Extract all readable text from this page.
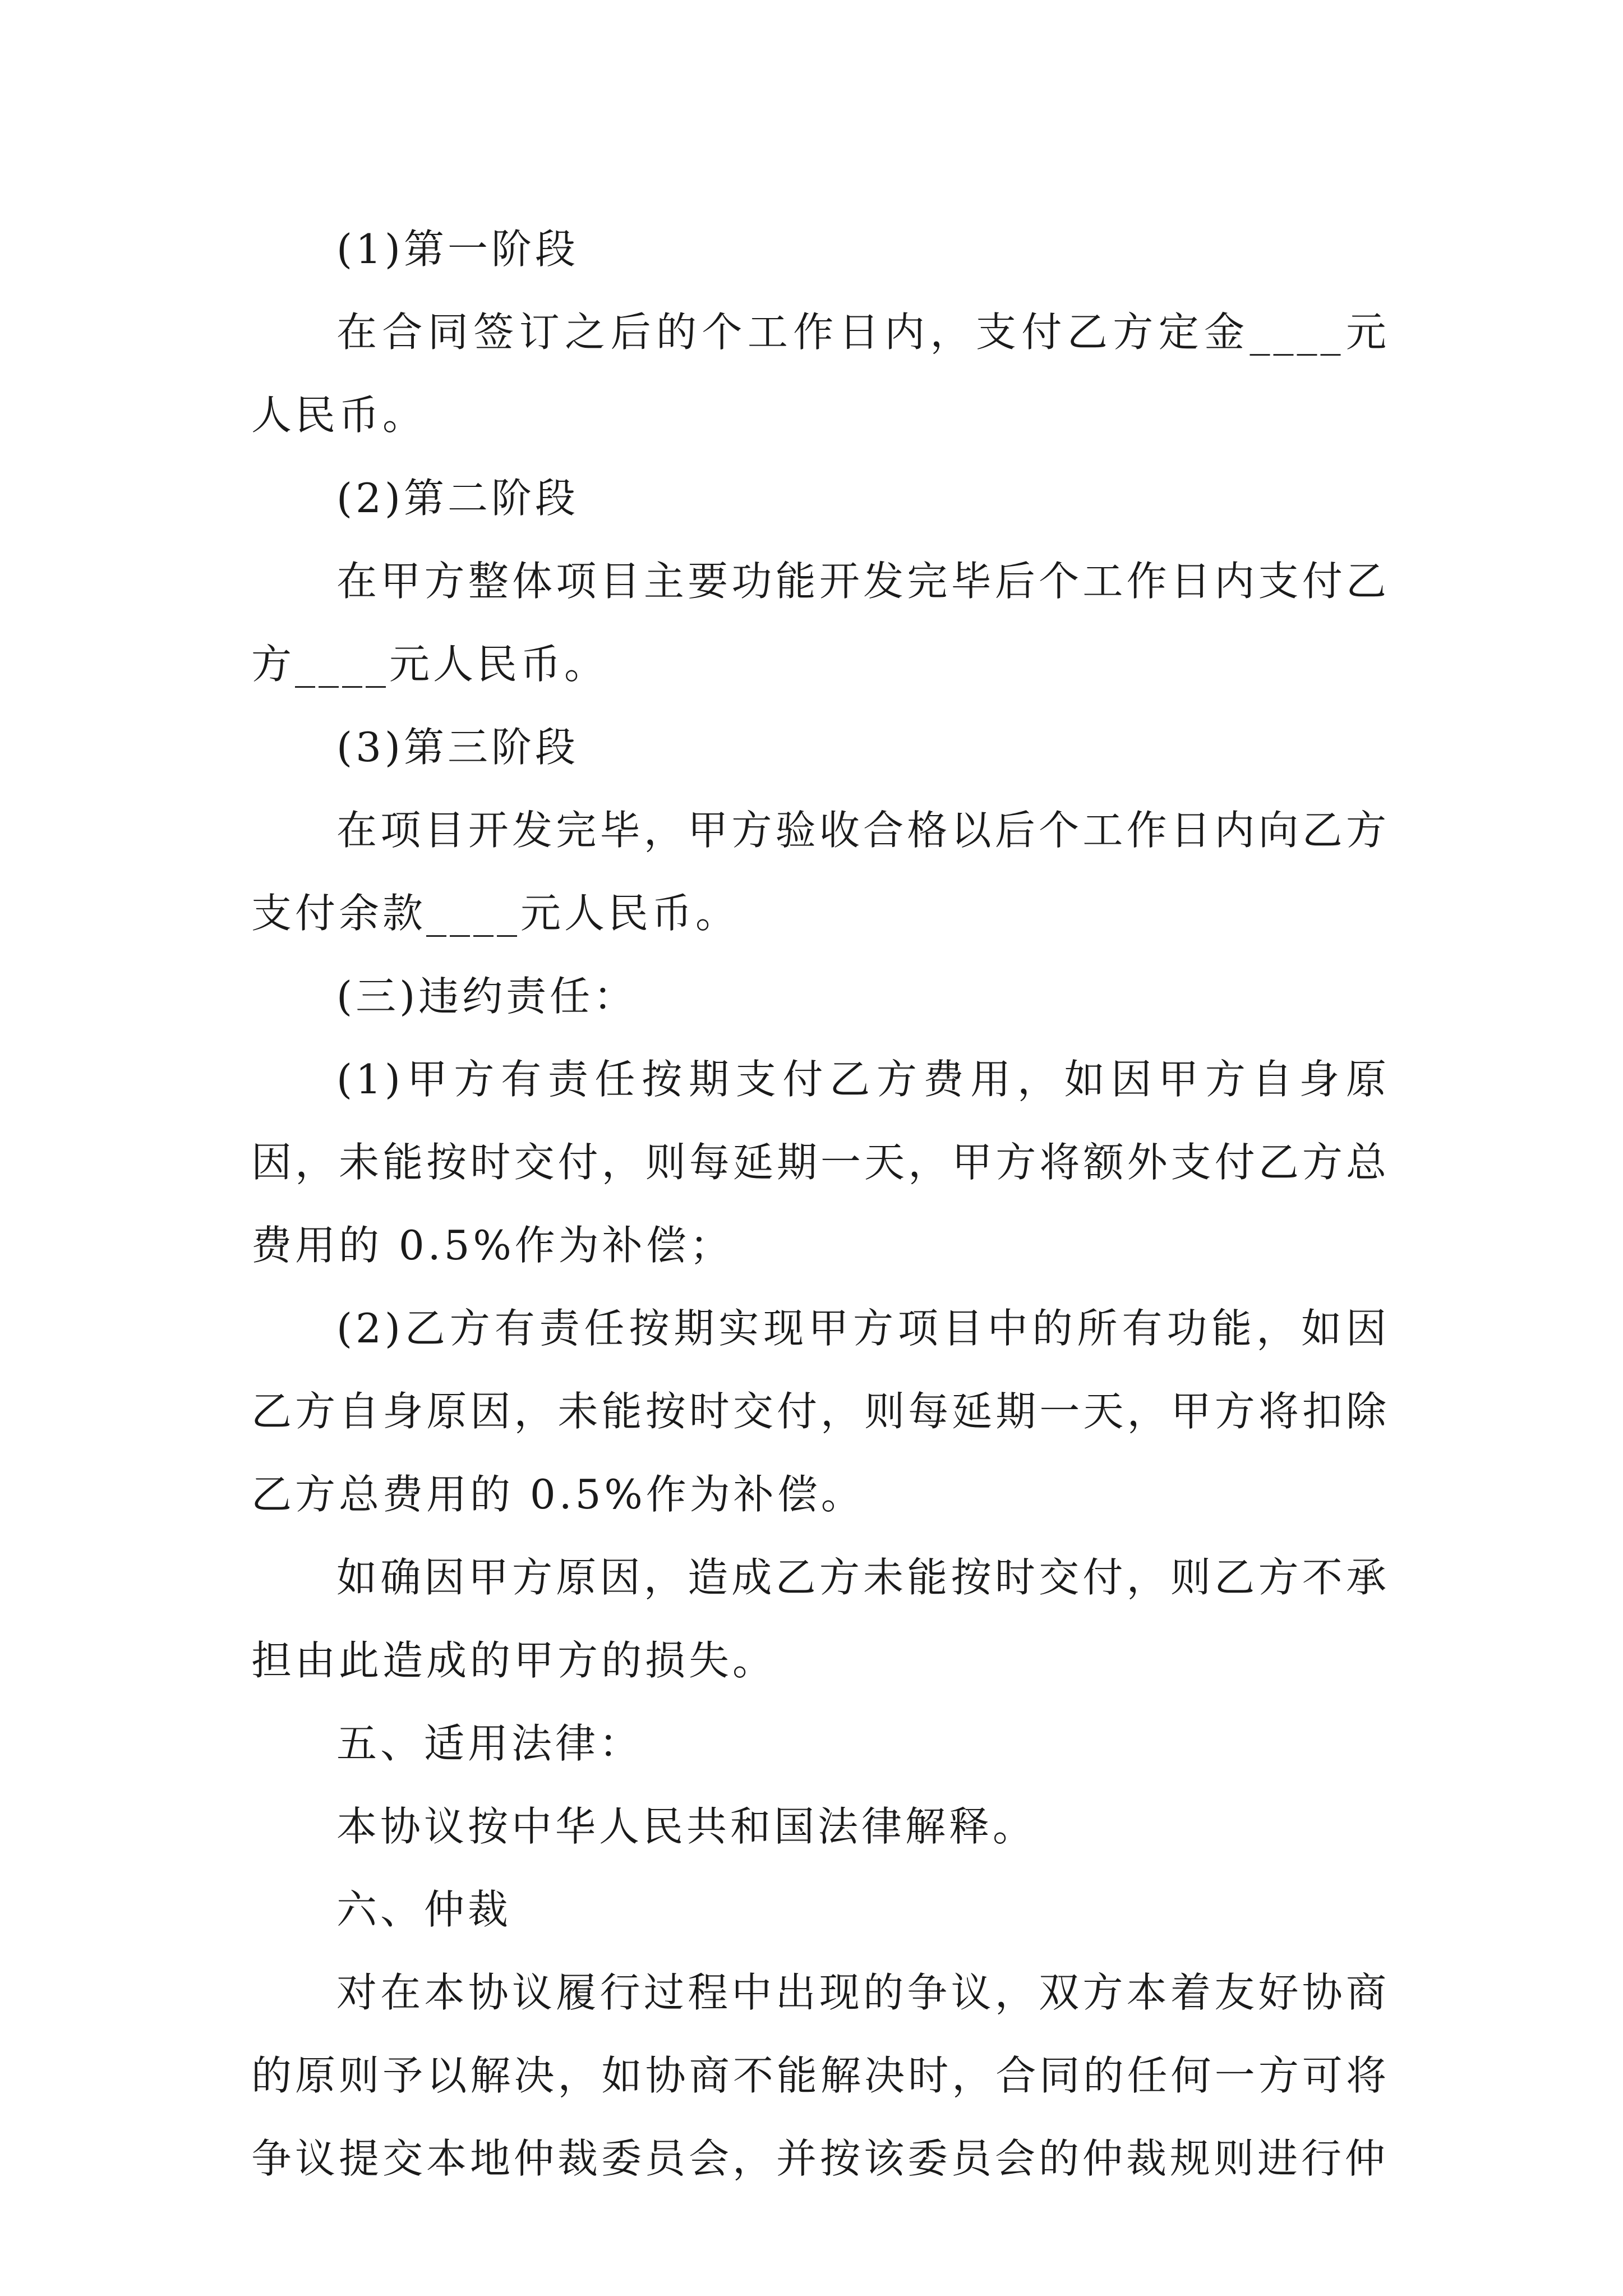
(1)第一阶段

在合同签订之后的个工作日内，支付乙方定金____元人民币。

(2)第二阶段

在甲方整体项目主要功能开发完毕后个工作日内支付乙方____元人民币。

(3)第三阶段

在项目开发完毕，甲方验收合格以后个工作日内向乙方支付余款____元人民币。

(三)违约责任：

(1)甲方有责任按期支付乙方费用，如因甲方自身原因，未能按时交付，则每延期一天，甲方将额外支付乙方总费用的 0.5%作为补偿；

(2)乙方有责任按期实现甲方项目中的所有功能，如因乙方自身原因，未能按时交付，则每延期一天，甲方将扣除乙方总费用的 0.5%作为补偿。

如确因甲方原因，造成乙方未能按时交付，则乙方不承担由此造成的甲方的损失。

五、适用法律：

本协议按中华人民共和国法律解释。

六、仲裁

对在本协议履行过程中出现的争议，双方本着友好协商的原则予以解决，如协商不能解决时，合同的任何一方可将争议提交本地仲裁委员会，并按该委员会的仲裁规则进行仲
